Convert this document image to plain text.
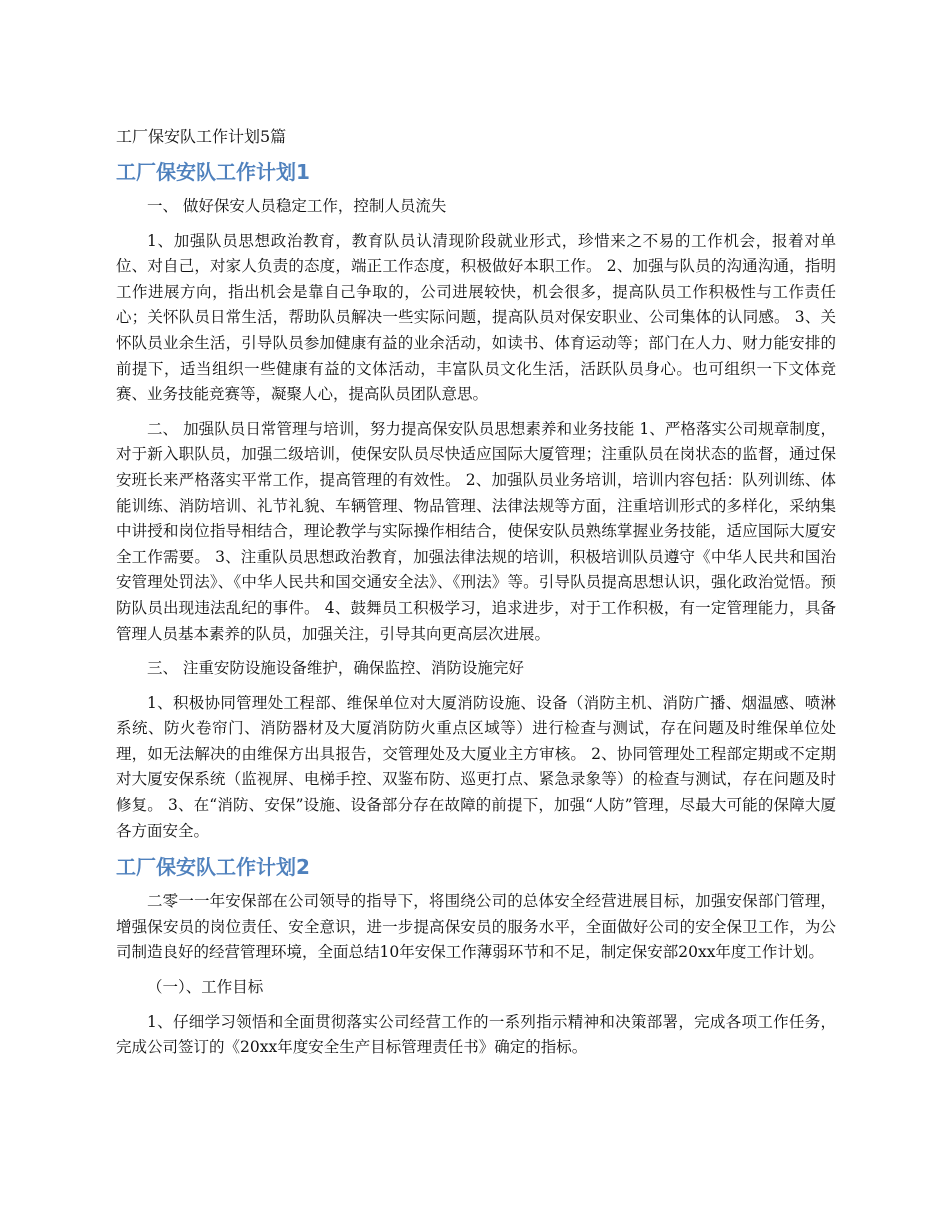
工厂保安队工作计划5篇
工厂保安队工作计划1

一、 做好保安人员稳定工作，控制人员流失

1、加强队员思想政治教育，教育队员认清现阶段就业形式，珍惜来之不易的工作机会，报着对单位、对自己，对家人负责的态度，端正工作态度，积极做好本职工作。 2、加强与队员的沟通沟通，指明工作进展方向，指出机会是靠自己争取的，公司进展较快，机会很多，提高队员工作积极性与工作责任心；关怀队员日常生活，帮助队员解决一些实际问题，提高队员对保安职业、公司集体的认同感。 3、关怀队员业余生活，引导队员参加健康有益的业余活动，如读书、体育运动等；部门在人力、财力能安排的前提下，适当组织一些健康有益的文体活动，丰富队员文化生活，活跃队员身心。也可组织一下文体竞赛、业务技能竞赛等，凝聚人心，提高队员团队意思。

二、 加强队员日常管理与培训，努力提高保安队员思想素养和业务技能 1、严格落实公司规章制度，对于新入职队员，加强二级培训，使保安队员尽快适应国际大厦管理；注重队员在岗状态的监督，通过保安班长来严格落实平常工作，提高管理的有效性。 2、加强队员业务培训，培训内容包括：队列训练、体能训练、消防培训、礼节礼貌、车辆管理、物品管理、法律法规等方面，注重培训形式的多样化，采纳集中讲授和岗位指导相结合，理论教学与实际操作相结合，使保安队员熟练掌握业务技能，适应国际大厦安全工作需要。 3、注重队员思想政治教育，加强法律法规的培训，积极培训队员遵守《中华人民共和国治安管理处罚法》、《中华人民共和国交通安全法》、《刑法》等。引导队员提高思想认识，强化政治觉悟。预防队员出现违法乱纪的事件。 4、鼓舞员工积极学习，追求进步，对于工作积极，有一定管理能力，具备管理人员基本素养的队员，加强关注，引导其向更高层次进展。

三、 注重安防设施设备维护，确保监控、消防设施完好

1、积极协同管理处工程部、维保单位对大厦消防设施、设备（消防主机、消防广播、烟温感、喷淋系统、防火卷帘门、消防器材及大厦消防防火重点区域等）进行检查与测试，存在问题及时维保单位处理，如无法解决的由维保方出具报告，交管理处及大厦业主方审核。 2、协同管理处工程部定期或不定期对大厦安保系统（监视屏、电梯手控、双鉴布防、巡更打点、紧急录象等）的检查与测试，存在问题及时修复。 3、在“消防、安保”设施、设备部分存在故障的前提下，加强“人防”管理，尽最大可能的保障大厦各方面安全。

工厂保安队工作计划2

二零一一年安保部在公司领导的指导下，将围绕公司的总体安全经营进展目标，加强安保部门管理，增强保安员的岗位责任、安全意识，进一步提高保安员的服务水平，全面做好公司的安全保卫工作，为公司制造良好的经营管理环境，全面总结10年安保工作薄弱环节和不足，制定保安部20xx年度工作计划。

（一）、工作目标

1、仔细学习领悟和全面贯彻落实公司经营工作的一系列指示精神和决策部署，完成各项工作任务，完成公司签订的《20xx年度安全生产目标管理责任书》确定的指标。
